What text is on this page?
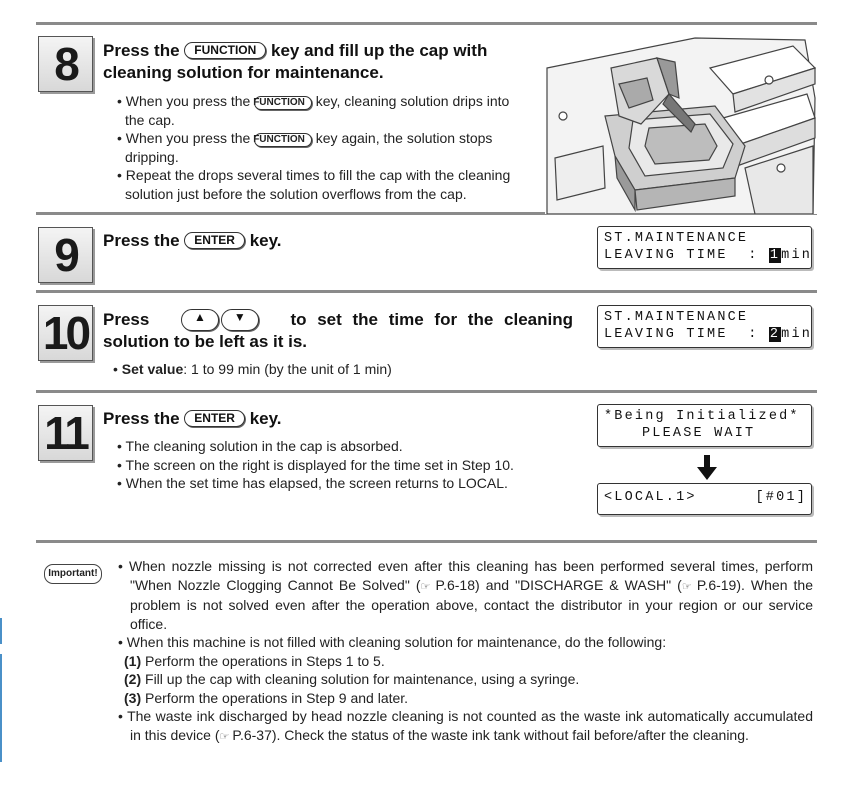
8	Press the FUNCTION key and fill up the cap with
cleaning solution for maintenance.
• When you press the FUNCTION key, cleaning solution drips into the cap.
• When you press the FUNCTION key again, the solution stops dripping.
• Repeat the drops several times to fill the cap with the cleaning solution just before the solution overflows from the cap.
9	Press the ENTER key.	ST.MAINTENANCE
LEAVING TIME  : 1min
10 Press	▲	▼	to set the time for the cleaning
solution to be left as it is.
• Set value: 1 to 99 min (by the unit of 1 min)
ST.MAINTENANCE
LEAVING TIME  : 2min
11 Press the ENTER key.
• The cleaning solution in the cap is absorbed.
• The screen on the right is displayed for the time set in Step 10.
• When the set time has elapsed, the screen returns to LOCAL.
*Being Initialized*
PLEASE WAIT
<LOCAL.1>	[#01]
Important!	• When nozzle missing is not corrected even after this cleaning has been performed several times, perform "When Nozzle Clogging Cannot Be Solved" (☞ P.6-18) and "DISCHARGE & WASH" (☞ P.6-19). When the problem is not solved even after the operation above, contact the distributor in your region or our service office.
• When this machine is not filled with cleaning solution for maintenance, do the following:
(1) Perform the operations in Steps 1 to 5.
(2) Fill up the cap with cleaning solution for maintenance, using a syringe.
(3) Perform the operations in Step 9 and later.
• The waste ink discharged by head nozzle cleaning is not counted as the waste ink automatically accumulated in this device (☞ P.6-37). Check the status of the waste ink tank without fail before/after the cleaning.
